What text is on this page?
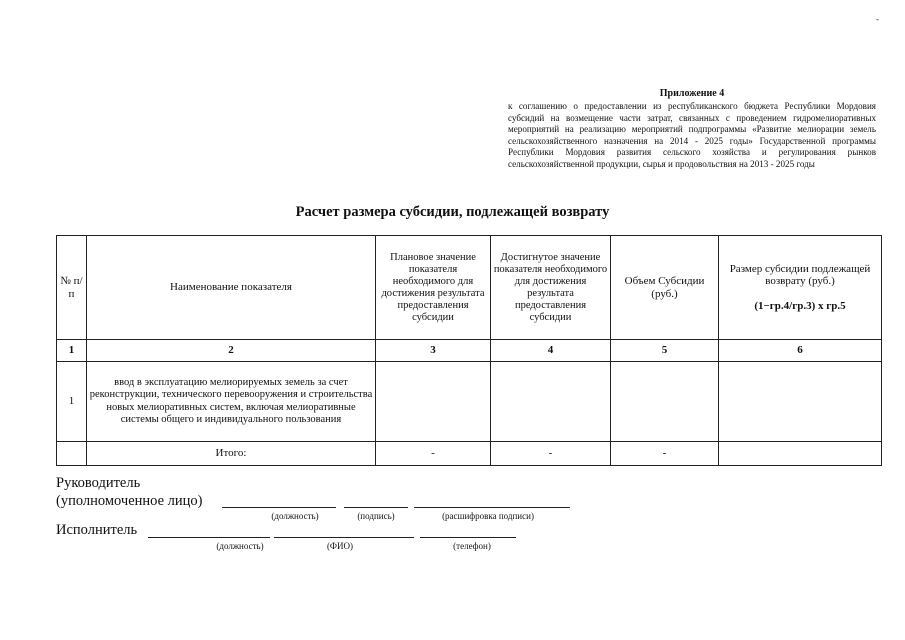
-
Приложение 4
к соглашению о предоставлении из республиканского бюджета Республики Мордовия субсидий на возмещение части затрат, связанных с проведением гидромелиоративных мероприятий на реализацию мероприятий подпрограммы «Развитие мелиорации земель сельскохозяйственного назначения на 2014 - 2025 годы» Государственной программы Республики Мордовия развития сельского хозяйства и регулирования рынков сельскохозяйственной продукции, сырья и продовольствия на 2013 - 2025 годы
Расчет размера субсидии, подлежащей возврату
№ п/п	Наименование показателя	Плановое значение показателя необходимого для достижения результата предоставления субсидии	Достигнутое значение показателя необходимого для достижения результата предоставления субсидии	Объем Субсидии (руб.)	Размер субсидии подлежащей возврату (руб.)
(1−гр.4/гр.3) х гр.5

1	2	3	4	5	6
1	ввод в эксплуатацию мелиорируемых земель за счет реконструкции, технического перевооружения и строительства новых мелиоративных систем, включая мелиоративные системы общего и индивидуального пользования				
	Итого:	-	-	-	
Руководитель
(уполномоченное лицо)
(должность)	(подпись)	(расшифровка подписи)
Исполнитель
(должность)	(ФИО)	(телефон)
